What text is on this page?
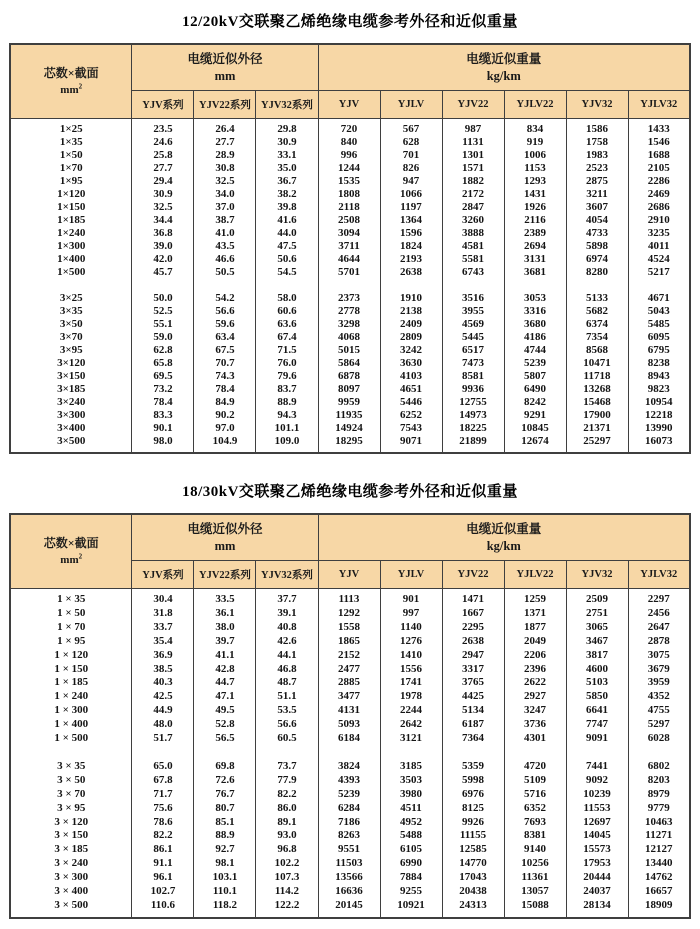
12/20kV交联聚乙烯绝缘电缆参考外径和近似重量
芯数×截面
$mm^2$	电缆近似外径
mm			电缆近似重量
kg/km					
	YJV系列	YJV22系列	YJV32系列	YJV	YJLV	YJV22	YJLV22	YJV32	YJLV32
1×25	23.5	26.4	29.8	720	567	987	834	1586	1433
1×35	24.6	27.7	30.9	840	628	1131	919	1758	1546
1×50	25.8	28.9	33.1	996	701	1301	1006	1983	1688
1×70	27.7	30.8	35.0	1244	826	1571	1153	2523	2105
1×95	29.4	32.5	36.7	1535	947	1882	1293	2875	2286
1×120	30.9	34.0	38.2	1808	1066	2172	1431	3211	2469
1×150	32.5	37.0	39.8	2118	1197	2847	1926	3607	2686
1×185	34.4	38.7	41.6	2508	1364	3260	2116	4054	2910
1×240	36.8	41.0	44.0	3094	1596	3888	2389	4733	3235
1×300	39.0	43.5	47.5	3711	1824	4581	2694	5898	4011
1×400	42.0	46.6	50.6	4644	2193	5581	3131	6974	4524
1×500	45.7	50.5	54.5	5701	2638	6743	3681	8280	5217

3×25	50.0	54.2	58.0	2373	1910	3516	3053	5133	4671
3×35	52.5	56.6	60.6	2778	2138	3955	3316	5682	5043
3×50	55.1	59.6	63.6	3298	2409	4569	3680	6374	5485
3×70	59.0	63.4	67.4	4068	2809	5445	4186	7354	6095
3×95	62.8	67.5	71.5	5015	3242	6517	4744	8568	6795
3×120	65.8	70.7	76.0	5864	3630	7473	5239	10471	8238
3×150	69.5	74.3	79.6	6878	4103	8581	5807	11718	8943
3×185	73.2	78.4	83.7	8097	4651	9936	6490	13268	9823
3×240	78.4	84.9	88.9	9959	5446	12755	8242	15468	10954
3×300	83.3	90.2	94.3	11935	6252	14973	9291	17900	12218
3×400	90.1	97.0	101.1	14924	7543	18225	10845	21371	13990
3×500	98.0	104.9	109.0	18295	9071	21899	12674	25297	16073
18/30kV交联聚乙烯绝缘电缆参考外径和近似重量
芯数×截面
$mm^2$	电缆近似外径
mm			电缆近似重量
kg/km					
	YJV系列	YJV22系列	YJV32系列	YJV	YJLV	YJV22	YJLV22	YJV32	YJLV32
1 × 35	30.4	33.5	37.7	1113	901	1471	1259	2509	2297
1 × 50	31.8	36.1	39.1	1292	997	1667	1371	2751	2456
1 × 70	33.7	38.0	40.8	1558	1140	2295	1877	3065	2647
1 × 95	35.4	39.7	42.6	1865	1276	2638	2049	3467	2878
1 × 120	36.9	41.1	44.1	2152	1410	2947	2206	3817	3075
1 × 150	38.5	42.8	46.8	2477	1556	3317	2396	4600	3679
1 × 185	40.3	44.7	48.7	2885	1741	3765	2622	5103	3959
1 × 240	42.5	47.1	51.1	3477	1978	4425	2927	5850	4352
1 × 300	44.9	49.5	53.5	4131	2244	5134	3247	6641	4755
1 × 400	48.0	52.8	56.6	5093	2642	6187	3736	7747	5297
1 × 500	51.7	56.5	60.5	6184	3121	7364	4301	9091	6028

3 × 35	65.0	69.8	73.7	3824	3185	5359	4720	7441	6802
3 × 50	67.8	72.6	77.9	4393	3503	5998	5109	9092	8203
3 × 70	71.7	76.7	82.2	5239	3980	6976	5716	10239	8979
3 × 95	75.6	80.7	86.0	6284	4511	8125	6352	11553	9779
3 × 120	78.6	85.1	89.1	7186	4952	9926	7693	12697	10463
3 × 150	82.2	88.9	93.0	8263	5488	11155	8381	14045	11271
3 × 185	86.1	92.7	96.8	9551	6105	12585	9140	15573	12127
3 × 240	91.1	98.1	102.2	11503	6990	14770	10256	17953	13440
3 × 300	96.1	103.1	107.3	13566	7884	17043	11361	20444	14762
3 × 400	102.7	110.1	114.2	16636	9255	20438	13057	24037	16657
3 × 500	110.6	118.2	122.2	20145	10921	24313	15088	28134	18909
